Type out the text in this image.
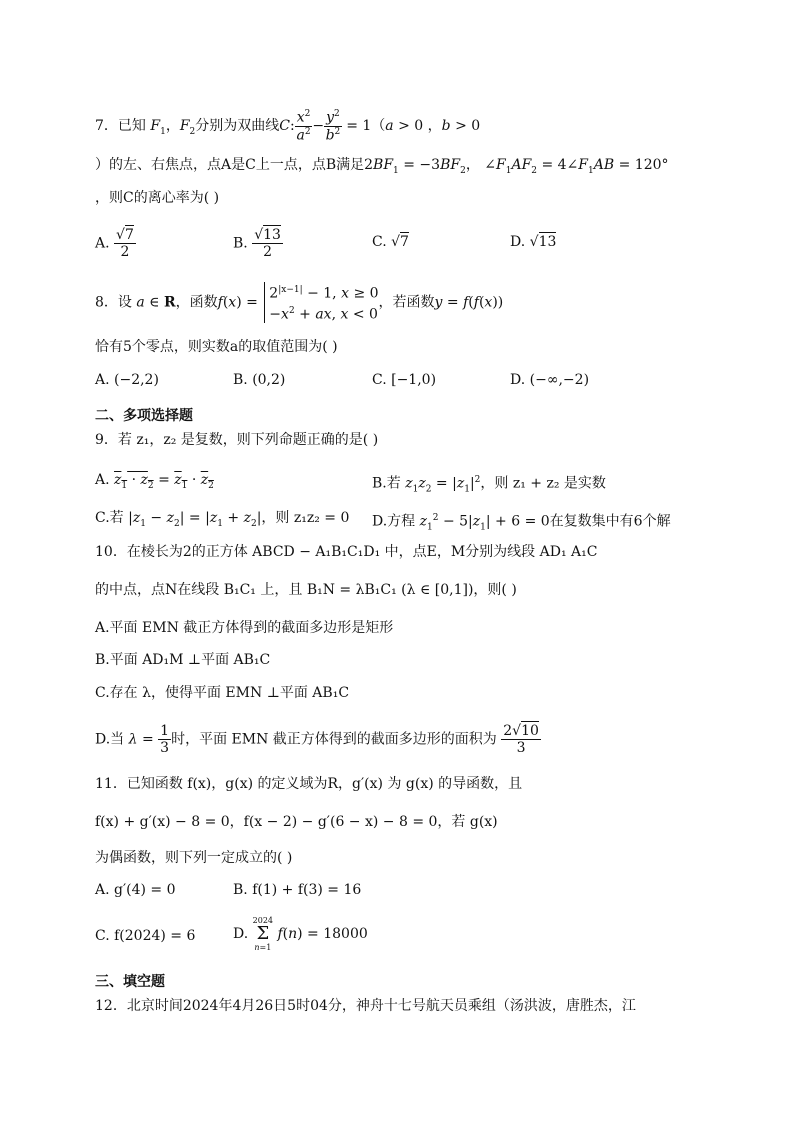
7．已知 $F_1$，$F_2$分别为双曲线C: $\frac{x^2}{a^2} - \frac{y^2}{b^2} = 1(a > 0$ ，b > 0
）的左、右焦点，点A是C上一点，点B满足$2BF_1 = -3BF_2$， $\angle F_1AF_2$ = $4\angle F_1AB = 120^\circ$
，则C的离心率为( )
A. $\frac{√7}{2}$	B. $\frac{√13}{2}$	C. √7	D. √13
8．设 a ∈ R，函数$f(x) = 2^{|x-1|} - 1$, x ≥ 0
$-x^2$ + ax, x < 0，若函数y = f(f(x))
恰有5个零点，则实数a的取值范围为( )
A. (−2,2)	B. (0,2)	C. [−1,0)	D. (−∞,−2)
二、多项选择题
9．若 z₁，z₂ 是复数，则下列命题正确的是( )
A. $z_1 \cdot z_2 = z_1 \cdot z_2$	B.若 $z_1z_2 = |z_1|^2$，则 z₁ + z₂ 是实数
C.若 $|z_1 - z_2| = |z_1 + z_2|$，则 z₁z₂ = 0 D.方程 $z_1^2 - 5|z_1| + 6 = 0$在复数集中有6个解
10．在棱长为2的正方体 ABCD − A₁B₁C₁D₁ 中，点E，M分别为线段 AD₁ A₁C
的中点，点N在线段 B₁C₁ 上，且 B₁N = λB₁C₁ (λ ∈ [0,1])，则( )
A.平面 EMN 截正方体得到的截面多边形是矩形
B.平面 AD₁M ⊥平面 AB₁C
C.存在 λ，使得平面 EMN ⊥平面 AB₁C
D.当 $\lambda = \frac{1}{3}$ 时，平面 EMN 截正方体得到的截面多边形的面积为 $\frac{2√10}{3}$
11．已知函数 f(x)，g(x) 的定义域为R，g′(x) 为 g(x) 的导函数，且
f(x) + g′(x) − 8 = 0，f(x − 2) − g′(6 − x) − 8 = 0，若 g(x)
为偶函数，则下列一定成立的( )
A. g′(4) = 0	B. f(1) + f(3) = 16
C. f(2024) = 6	D. 2024
Σ
n=1 f(n) = 18000
三、填空题
12．北京时间2024年4月26日5时04分，神舟十七号航天员乘组（汤洪波，唐胜杰，江
